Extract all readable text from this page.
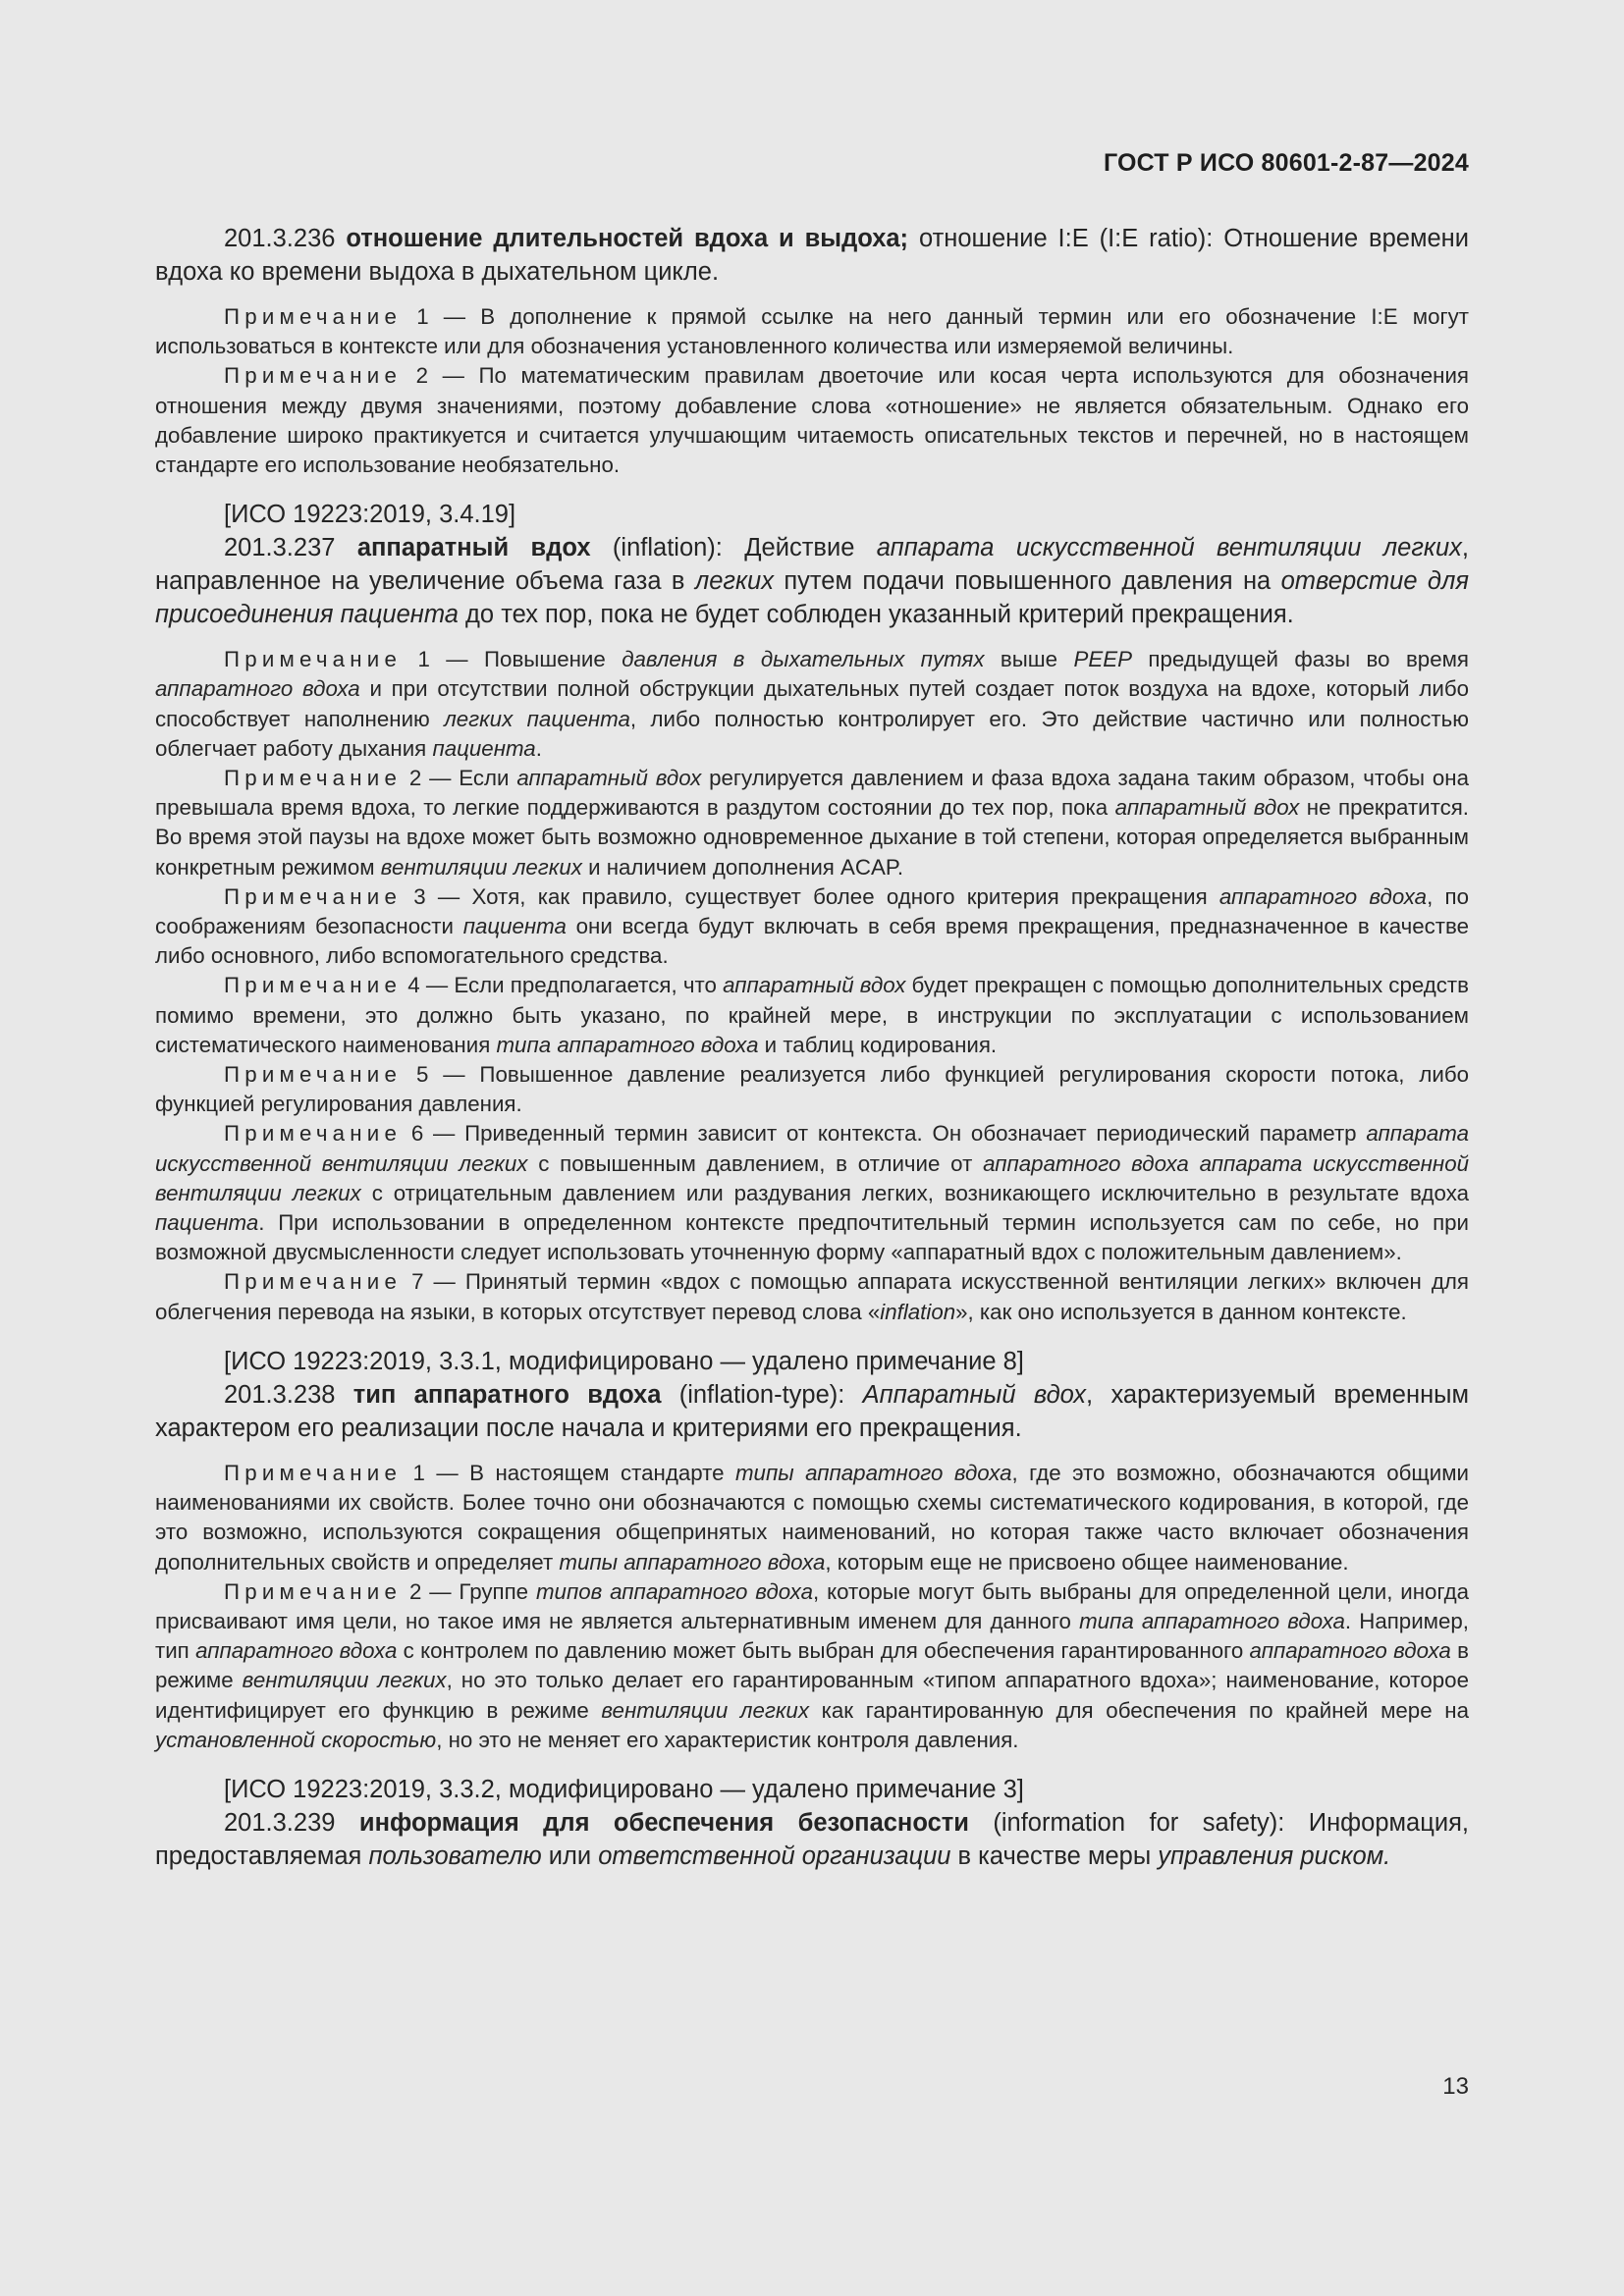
ГОСТ Р ИСО 80601-2-87—2024

201.3.236 отношение длительностей вдоха и выдоха; отношение I:E (I:E ratio): Отношение времени вдоха ко времени выдоха в дыхательном цикле.

Примечание 1 — В дополнение к прямой ссылке на него данный термин или его обозначение I:E могут использоваться в контексте или для обозначения установленного количества или измеряемой величины.

Примечание 2 — По математическим правилам двоеточие или косая черта используются для обозначения отношения между двумя значениями, поэтому добавление слова «отношение» не является обязательным. Однако его добавление широко практикуется и считается улучшающим читаемость описательных текстов и перечней, но в настоящем стандарте его использование необязательно.

[ИСО 19223:2019, 3.4.19]

201.3.237 аппаратный вдох (inflation): Действие аппарата искусственной вентиляции легких, направленное на увеличение объема газа в легких путем подачи повышенного давления на отверстие для присоединения пациента до тех пор, пока не будет соблюден указанный критерий прекращения.

Примечание 1 — Повышение давления в дыхательных путях выше PEEP предыдущей фазы во время аппаратного вдоха и при отсутствии полной обструкции дыхательных путей создает поток воздуха на вдохе, который либо способствует наполнению легких пациента, либо полностью контролирует его. Это действие частично или полностью облегчает работу дыхания пациента.

Примечание 2 — Если аппаратный вдох регулируется давлением и фаза вдоха задана таким образом, чтобы она превышала время вдоха, то легкие поддерживаются в раздутом состоянии до тех пор, пока аппаратный вдох не прекратится. Во время этой паузы на вдохе может быть возможно одновременное дыхание в той степени, которая определяется выбранным конкретным режимом вентиляции легких и наличием дополнения ACAP.

Примечание 3 — Хотя, как правило, существует более одного критерия прекращения аппаратного вдоха, по соображениям безопасности пациента они всегда будут включать в себя время прекращения, предназначенное в качестве либо основного, либо вспомогательного средства.

Примечание 4 — Если предполагается, что аппаратный вдох будет прекращен с помощью дополнительных средств помимо времени, это должно быть указано, по крайней мере, в инструкции по эксплуатации с использованием систематического наименования типа аппаратного вдоха и таблиц кодирования.

Примечание 5 — Повышенное давление реализуется либо функцией регулирования скорости потока, либо функцией регулирования давления.

Примечание 6 — Приведенный термин зависит от контекста. Он обозначает периодический параметр аппарата искусственной вентиляции легких с повышенным давлением, в отличие от аппаратного вдоха аппарата искусственной вентиляции легких с отрицательным давлением или раздувания легких, возникающего исключительно в результате вдоха пациента. При использовании в определенном контексте предпочтительный термин используется сам по себе, но при возможной двусмысленности следует использовать уточненную форму «аппаратный вдох с положительным давлением».

Примечание 7 — Принятый термин «вдох с помощью аппарата искусственной вентиляции легких» включен для облегчения перевода на языки, в которых отсутствует перевод слова «inflation», как оно используется в данном контексте.

[ИСО 19223:2019, 3.3.1, модифицировано — удалено примечание 8]

201.3.238 тип аппаратного вдоха (inflation-type): Аппаратный вдох, характеризуемый временным характером его реализации после начала и критериями его прекращения.

Примечание 1 — В настоящем стандарте типы аппаратного вдоха, где это возможно, обозначаются общими наименованиями их свойств. Более точно они обозначаются с помощью схемы систематического кодирования, в которой, где это возможно, используются сокращения общепринятых наименований, но которая также часто включает обозначения дополнительных свойств и определяет типы аппаратного вдоха, которым еще не присвоено общее наименование.

Примечание 2 — Группе типов аппаратного вдоха, которые могут быть выбраны для определенной цели, иногда присваивают имя цели, но такое имя не является альтернативным именем для данного типа аппаратного вдоха. Например, тип аппаратного вдоха с контролем по давлению может быть выбран для обеспечения гарантированного аппаратного вдоха в режиме вентиляции легких, но это только делает его гарантированным «типом аппаратного вдоха»; наименование, которое идентифицирует его функцию в режиме вентиляции легких как гарантированную для обеспечения по крайней мере на установленной скоростью, но это не меняет его характеристик контроля давления.

[ИСО 19223:2019, 3.3.2, модифицировано — удалено примечание 3]

201.3.239 информация для обеспечения безопасности (information for safety): Информация, предоставляемая пользователю или ответственной организации в качестве меры управления риском.

13
